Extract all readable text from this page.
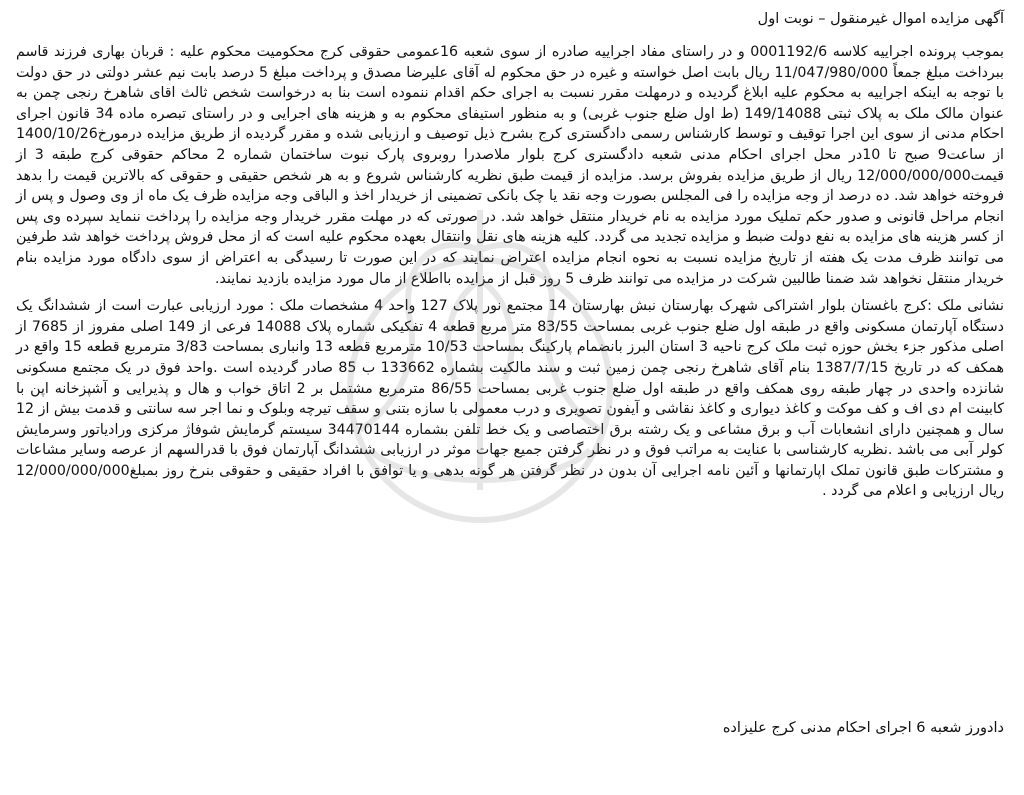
آگهی مزایده اموال غیرمنقول – نوبت اول

بموجب پرونده اجراییه کلاسه 0001192/6 و در راستای مفاد اجراییه صادره از سوی شعبه 16عمومی حقوقی کرج محکومیت محکوم علیه : قربان بهاری فرزند قاسم ببرداخت مبلغ جمعاً 11/047/980/000 ریال بابت اصل خواسته و غیره در حق محکوم له آقای علیرضا مصدق و پرداخت مبلغ 5 درصد بابت نیم عشر دولتی در حق دولت با توجه به اینکه اجراییه به محکوم علیه ابلاغ گردیده و درمهلت مقرر نسبت به اجرای حکم اقدام ننموده است بنا به درخواست شخص ثالث اقای شاهرخ رنجی چمن به عنوان مالک ملک به پلاک ثبتی 149/14088 (ط اول ضلع جنوب غربی) و به منظور استیفای محکوم به و هزینه های اجرایی و در راستای تبصره ماده 34 قانون اجرای احکام مدنی از سوی این اجرا توقیف و توسط کارشناس رسمی دادگستری کرج بشرح ذیل توصیف و ارزیابی شده و مقرر گردیده از طریق مزایده درمورخ1400/10/26 از ساعت9 صبح تا 10در محل اجرای احکام مدنی شعبه دادگستری کرج بلوار ملاصدرا روبروی پارک نبوت ساختمان شماره 2 محاکم حقوقی کرج طبقه 3 از قیمت12/000/000/000 ریال از طریق مزایده بفروش برسد. مزایده از قیمت طبق نظریه کارشناس شروع و به هر شخص حقیقی و حقوقی که بالاترین قیمت را بدهد فروخته خواهد شد. ده درصد از وجه مزایده را فی المجلس بصورت وجه نقد یا چک بانکی تضمینی از خریدار اخذ و الباقی وجه مزایده ظرف یک ماه از وی وصول و پس از انجام مراحل قانونی و صدور حکم تملیک مورد مزایده به نام خریدار منتقل خواهد شد. در صورتی که در مهلت مقرر خریدار وجه مزایده را پرداخت ننماید سپرده وی پس از کسر هزینه های مزایده به نفع دولت ضبط و مزایده تجدید می گردد. کلیه هزینه های نقل وانتقال بعهده محکوم علیه است که از محل فروش پرداخت خواهد شد طرفین می توانند ظرف مدت یک هفته از تاریخ مزایده نسبت به نحوه انجام مزایده اعتراض نمایند که در این صورت تا رسیدگی به اعتراض از سوی دادگاه مورد مزایده بنام خریدار منتقل نخواهد شد ضمنا طالبین شرکت در مزایده می توانند ظرف 5 روز قبل از مزایده بااطلاع از مال مورد مزایده بازدید نمایند.

نشانی ملک :کرج باغستان بلوار اشتراکی شهرک بهارستان نبش بهارستان 14 مجتمع نور پلاک 127 واحد 4 مشخصات ملک : مورد ارزیابی عبارت است از ششدانگ یک دستگاه آپارتمان مسکونی واقع در طبقه اول ضلع جنوب غربی بمساحت 83/55 متر مربع قطعه 4 تفکیکی شماره پلاک 14088 فرعی از 149 اصلی مفروز از 7685 از اصلی مذکور جزء بخش حوزه ثبت ملک کرج ناحیه 3 استان البرز بانضمام پارکینگ بمساحت 10/53 مترمربع قطعه 13 وانباری بمساحت 3/83 مترمربع قطعه 15 واقع در همکف که در تاریخ 1387/7/15 بنام آقای شاهرخ رنجی چمن زمین ثبت و سند مالکیت بشماره 133662 ب 85 صادر گردیده است .واحد فوق در یک مجتمع مسکونی شانزده واحدی در چهار طبقه روی همکف واقع در طبقه اول ضلع جنوب غربی بمساحت 86/55 مترمربع مشتمل بر 2 اتاق خواب و هال و پذیرایی و آشپزخانه اپن با کابینت ام دی اف و کف موکت و کاغذ دیواری و کاغذ نقاشی و آیفون تصویری و درب معمولی با سازه بتنی و سقف تیرچه وبلوک و نما اجر سه سانتی و قدمت بیش از 12 سال و همچنین دارای انشعابات آب و برق مشاعی و یک رشته برق اختصاصی و یک خط تلفن بشماره 34470144 سیستم گرمایش شوفاژ مرکزی ورادیاتور وسرمایش کولر آبی می باشد .نظریه کارشناسی با عنایت به مراتب فوق و در نظر گرفتن جمیع جهات موثر در ارزیابی ششدانگ آپارتمان فوق با قدرالسهم از عرصه وسایر مشاعات و مشترکات طبق قانون تملک اپارتمانها و آئین نامه اجرایی آن بدون در نظر گرفتن هر گونه بدهی و یا توافق با افراد حقیقی و حقوقی بنرخ روز بمبلغ12/000/000/000 ریال ارزیابی و اعلام می گردد .

دادورز شعبه 6 اجرای احکام مدنی کرج علیزاده
